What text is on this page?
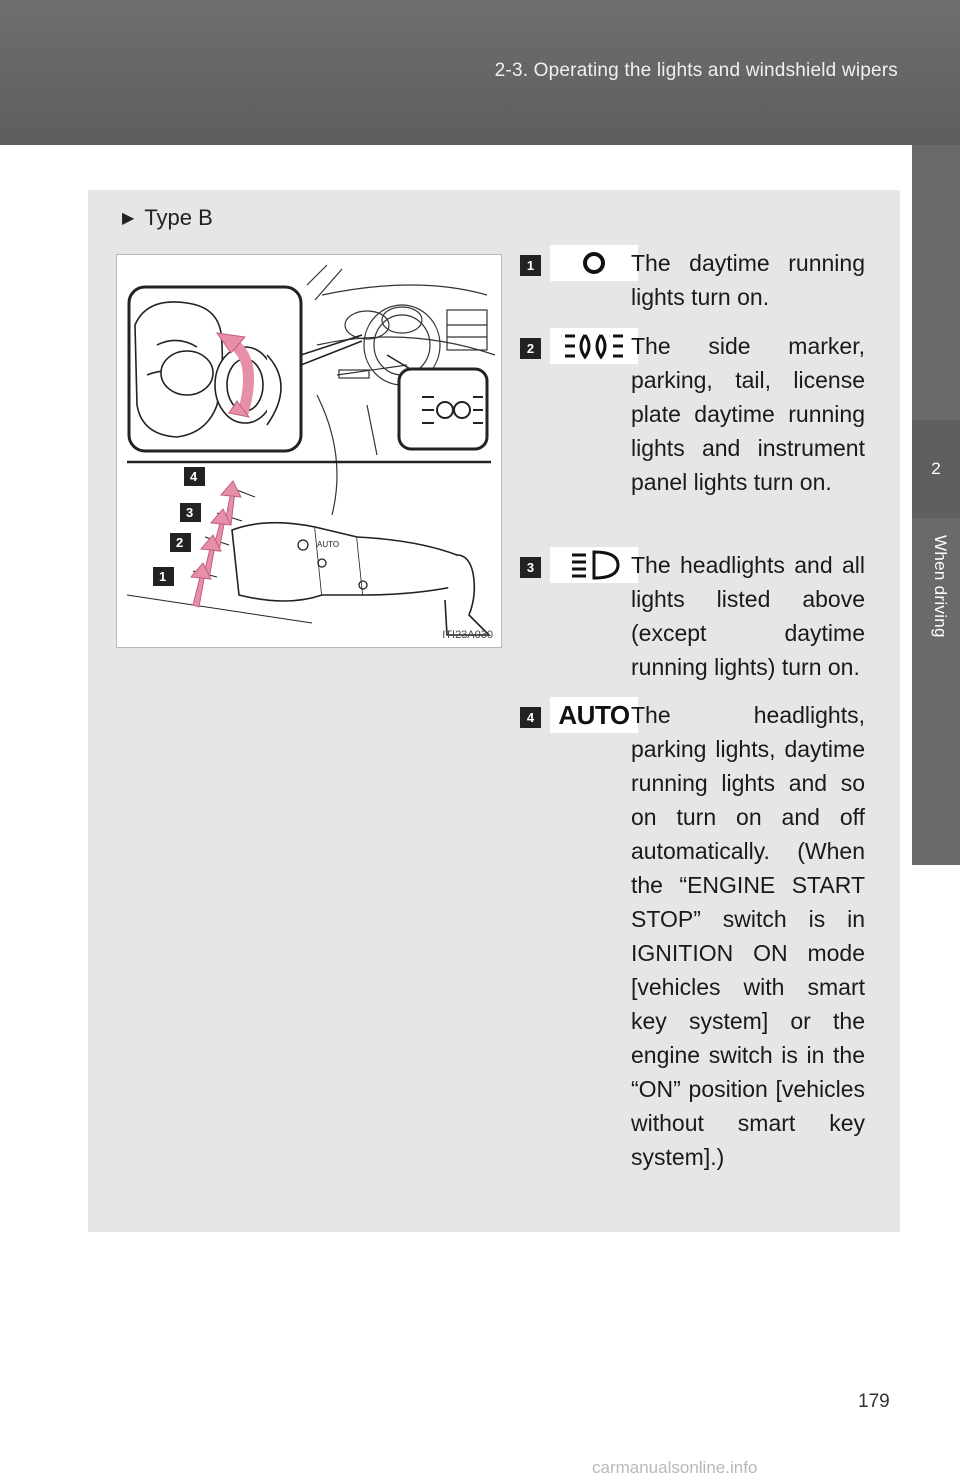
2-3. Operating the lights and windshield wipers
2
When driving
▶ Type B
AUTO
4
3
2
1
ITI23A030
1	The daytime running lights turn on.

2	The side marker, parking, tail, license plate daytime running lights and instrument panel lights turn on.

3	The headlights and all lights listed above (except daytime running lights) turn on.

4 AUTO The headlights, parking lights, daytime running lights and so on turn on and off automatically. (When the “ENGINE START STOP” switch is in IGNITION ON mode [vehicles with smart key system] or the engine switch is in the “ON” position [vehicles without smart key system].)

179
carmanualsonline.info
